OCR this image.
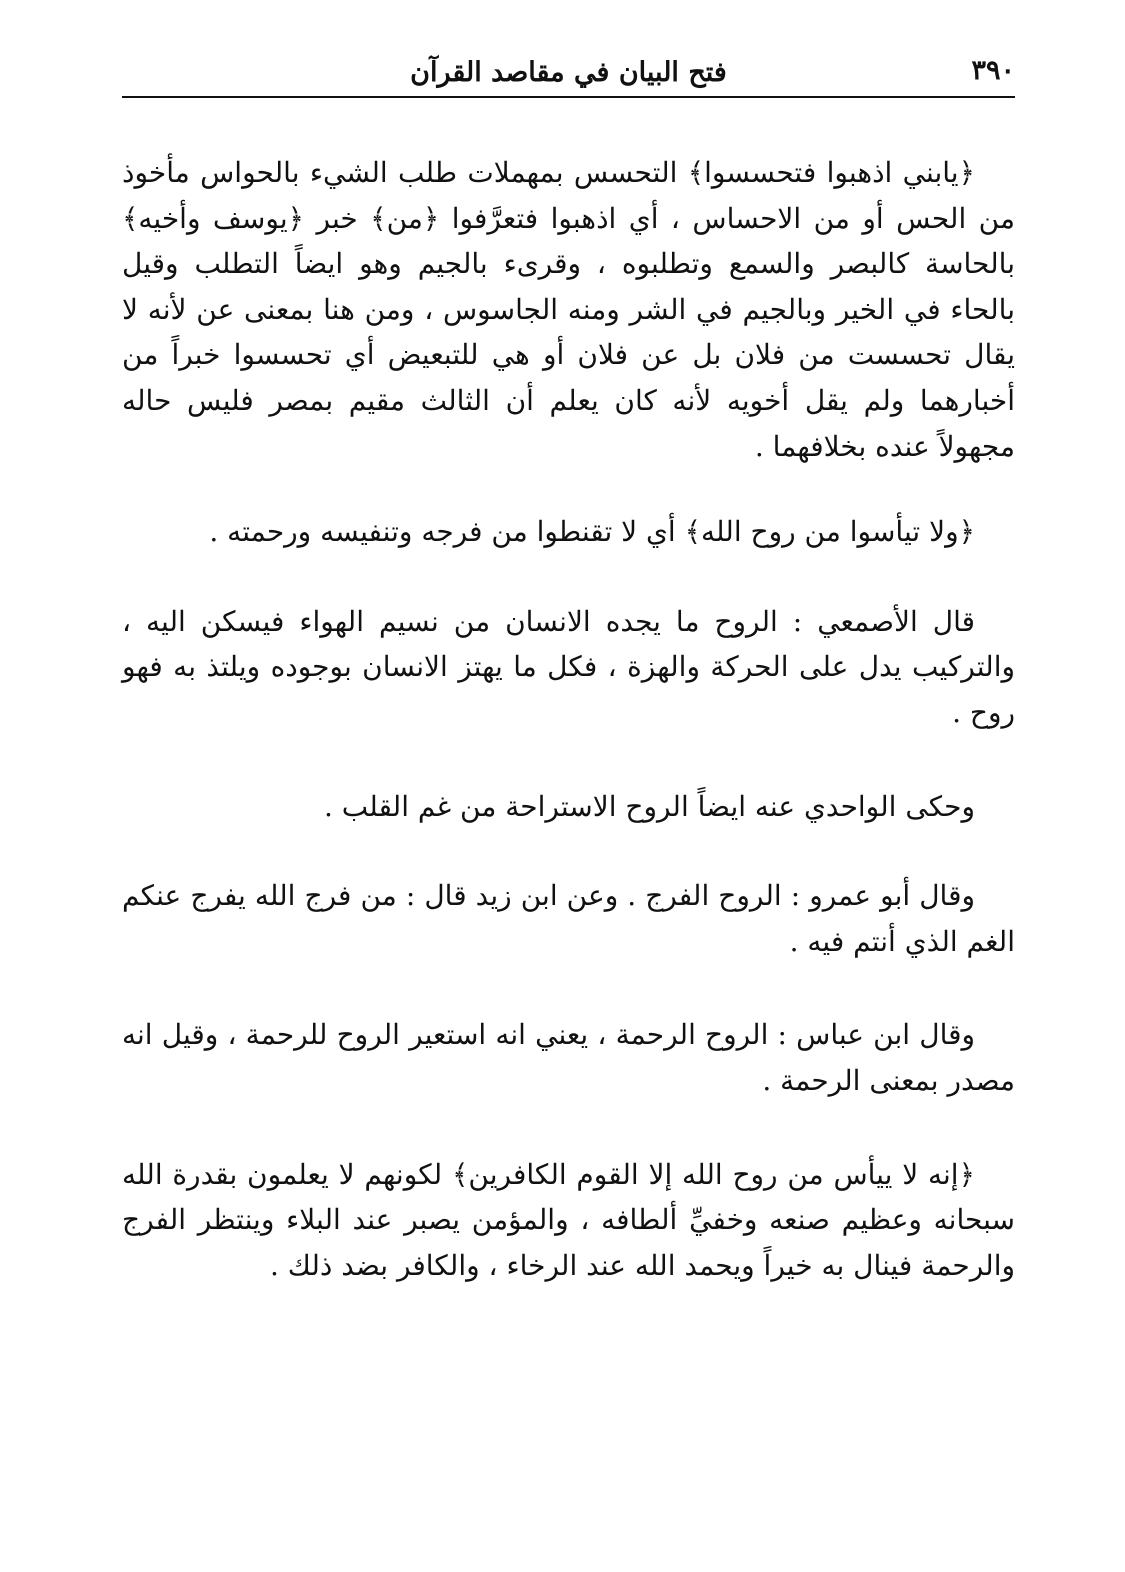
٣٩٠
فتح البيان في مقاصد القرآن

﴿يابني اذهبوا فتحسسوا﴾ التحسس بمهملات طلب الشيء بالحواس مأخوذ من الحس أو من الاحساس ، أي اذهبوا فتعرَّفوا ﴿من﴾ خبر ﴿يوسف وأخيه﴾ بالحاسة كالبصر والسمع وتطلبوه ، وقرىء بالجيم وهو ايضاً التطلب وقيل بالحاء في الخير وبالجيم في الشر ومنه الجاسوس ، ومن هنا بمعنى عن لأنه لا يقال تحسست من فلان بل عن فلان أو هي للتبعيض أي تحسسوا خبراً من أخبارهما ولم يقل أخويه لأنه كان يعلم أن الثالث مقيم بمصر فليس حاله مجهولاً عنده بخلافهما .

﴿ولا تيأسوا من روح الله﴾ أي لا تقنطوا من فرجه وتنفيسه ورحمته .

قال الأصمعي : الروح ما يجده الانسان من نسيم الهواء فيسكن اليه ، والتركيب يدل على الحركة والهزة ، فكل ما يهتز الانسان بوجوده ويلتذ به فهو روح .

وحكى الواحدي عنه ايضاً الروح الاستراحة من غم القلب .

وقال أبو عمرو : الروح الفرج . وعن ابن زيد قال : من فرج الله يفرج عنكم الغم الذي أنتم فيه .

وقال ابن عباس : الروح الرحمة ، يعني انه استعير الروح للرحمة ، وقيل انه مصدر بمعنى الرحمة .

﴿إنه لا ييأس من روح الله إلا القوم الكافرين﴾ لكونهم لا يعلمون بقدرة الله سبحانه وعظيم صنعه وخفيِّ ألطافه ، والمؤمن يصبر عند البلاء وينتظر الفرج والرحمة فينال به خيراً ويحمد الله عند الرخاء ، والكافر بضد ذلك .
